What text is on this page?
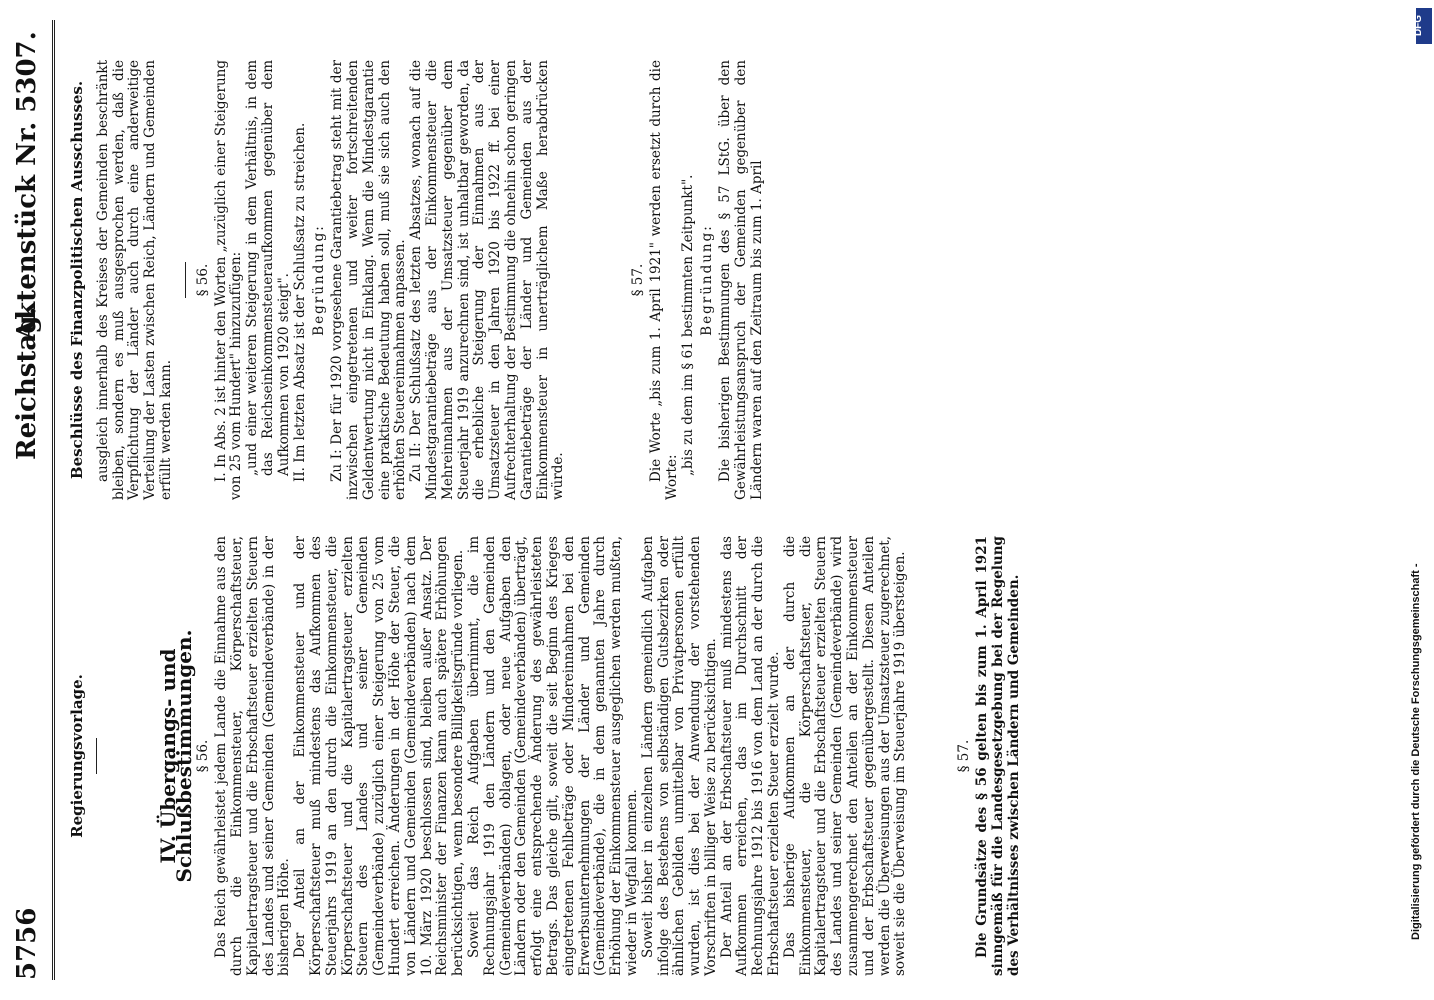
5756
Reichstag.
Aktenstück Nr. 5307.

Regierungsvorlage.	IV. Übergangs- und Schlußbestimmungen. § 56. Das Reich gewährleistet jedem Lande die Einnahme aus den durch die Einkommensteuer, Körperschaftsteuer, Kapitalertragsteuer und die Erbschaftsteuer erzielten Steuern des Landes und seiner Gemeinden (Gemeindeverbände) in der bisherigen Höhe. Der Anteil an der Einkommensteuer und der Körperschaftsteuer muß mindestens das Aufkommen des Steuerjahrs 1919 an den durch die Einkommensteuer, die Körperschaftsteuer und die Kapitalertragsteuer erzielten Steuern des Landes und seiner Gemeinden (Gemeindeverbände) zuzüglich einer Steigerung von 25 vom Hundert erreichen. Änderungen in der Höhe der Steuer, die von Ländern und Gemeinden (Gemeindeverbänden) nach dem 10. März 1920 beschlossen sind, bleiben außer Ansatz. Der Reichsminister der Finanzen kann auch spätere Erhöhungen berücksichtigen, wenn besondere Billigkeitsgründe vorliegen. Soweit das Reich Aufgaben übernimmt, die im Rechnungsjahr 1919 den Ländern und den Gemeinden (Gemeindeverbänden) oblagen, oder neue Aufgaben den Ländern oder den Gemeinden (Gemeindeverbänden) überträgt, erfolgt eine entsprechende Änderung des gewährleisteten Betrags. Das gleiche gilt, soweit die seit Beginn des Krieges eingetretenen Fehlbeträge oder Mindereinnahmen bei den Erwerbsunternehmungen der Länder und Gemeinden (Gemeindeverbände), die in dem genannten Jahre durch Erhöhung der Einkommensteuer ausgeglichen werden mußten, wieder in Wegfall kommen. Soweit bisher in einzelnen Ländern gemeindlich Aufgaben infolge des Bestehens von selbständigen Gutsbezirken oder ähnlichen Gebilden unmittelbar von Privatpersonen erfüllt wurden, ist dies bei der Anwendung der vorstehenden Vorschriften in billiger Weise zu berücksichtigen. Der Anteil an der Erbschaftsteuer muß mindestens das Aufkommen erreichen, das im Durchschnitt der Rechnungsjahre 1912 bis 1916 von dem Land an der durch die Erbschaftsteuer erzielten Steuer erzielt wurde. Das bisherige Aufkommen an der durch die Einkommensteuer, die Körperschaftsteuer, die Kapitalertragsteuer und die Erbschaftsteuer erzielten Steuern des Landes und seiner Gemeinden (Gemeindeverbände) wird zusammengerechnet den Anteilen an der Einkommensteuer und der Erbschaftsteuer gegenübergestellt. Diesen Anteilen werden die Überweisungen aus der Umsatzsteuer zugerechnet, soweit sie die Überweisung im Steuerjahre 1919 übersteigen.	§ 57. Die Grundsätze des § 56 gelten bis zum 1. April 1921 sinngemäß für die Landesgesetzgebung bei der Regelung des Verhältnisses zwischen Ländern und Gemeinden.

Beschlüsse des Finanzpolitischen Ausschusses. ausgleich innerhalb des Kreises der Gemeinden beschränkt bleiben, sondern es muß ausgesprochen werden, daß die Verpflichtung der Länder auch durch eine anderweitige Verteilung der Lasten zwischen Reich, Ländern und Gemeinden erfüllt werden kann.

§ 56. I. In Abs. 2 ist hinter den Worten „zuzüglich einer Steigerung von 25 vom Hundert" hinzuzufügen: „und einer weiteren Steigerung in dem Verhältnis, in dem das Reichseinkommensteueraufkommen gegenüber dem Aufkommen von 1920 steigt". II. Im letzten Absatz ist der Schlußsatz zu streichen. Begründung: Zu I: Der für 1920 vorgesehene Garantiebetrag steht mit der inzwischen eingetretenen und weiter fortschreitenden Geldentwertung nicht in Einklang. Wenn die Mindestgarantie eine praktische Bedeutung haben soll, muß sie sich auch den erhöhten Steuereinnahmen anpassen. Zu II: Der Schlußsatz des letzten Absatzes, wonach auf die Mindestgarantiebeträge aus der Einkommensteuer die Mehreinnahmen aus der Umsatzsteuer gegenüber dem Steuerjahr 1919 anzurechnen sind, ist unhaltbar geworden, da die erhebliche Steigerung der Einnahmen aus der Umsatzsteuer in den Jahren 1920 bis 1922 ff. bei einer Aufrechterhaltung der Bestimmung die ohnehin schon geringen Garantiebeträge der Länder und Gemeinden aus der Einkommensteuer in unerträglichem Maße herabdrücken würde.

§ 57. Die Worte „bis zum 1. April 1921" werden ersetzt durch die Worte:

„bis zu dem im § 61 bestimmten Zeitpunkt". Begründung: Die bisherigen Bestimmungen des § 57 LStG. über den Gewährleistungsanspruch der Gemeinden gegenüber den Ländern waren auf den Zeitraum bis zum 1. April

Digitalisierung gefördert durch die Deutsche Forschungsgemeinschaft -
DFG
